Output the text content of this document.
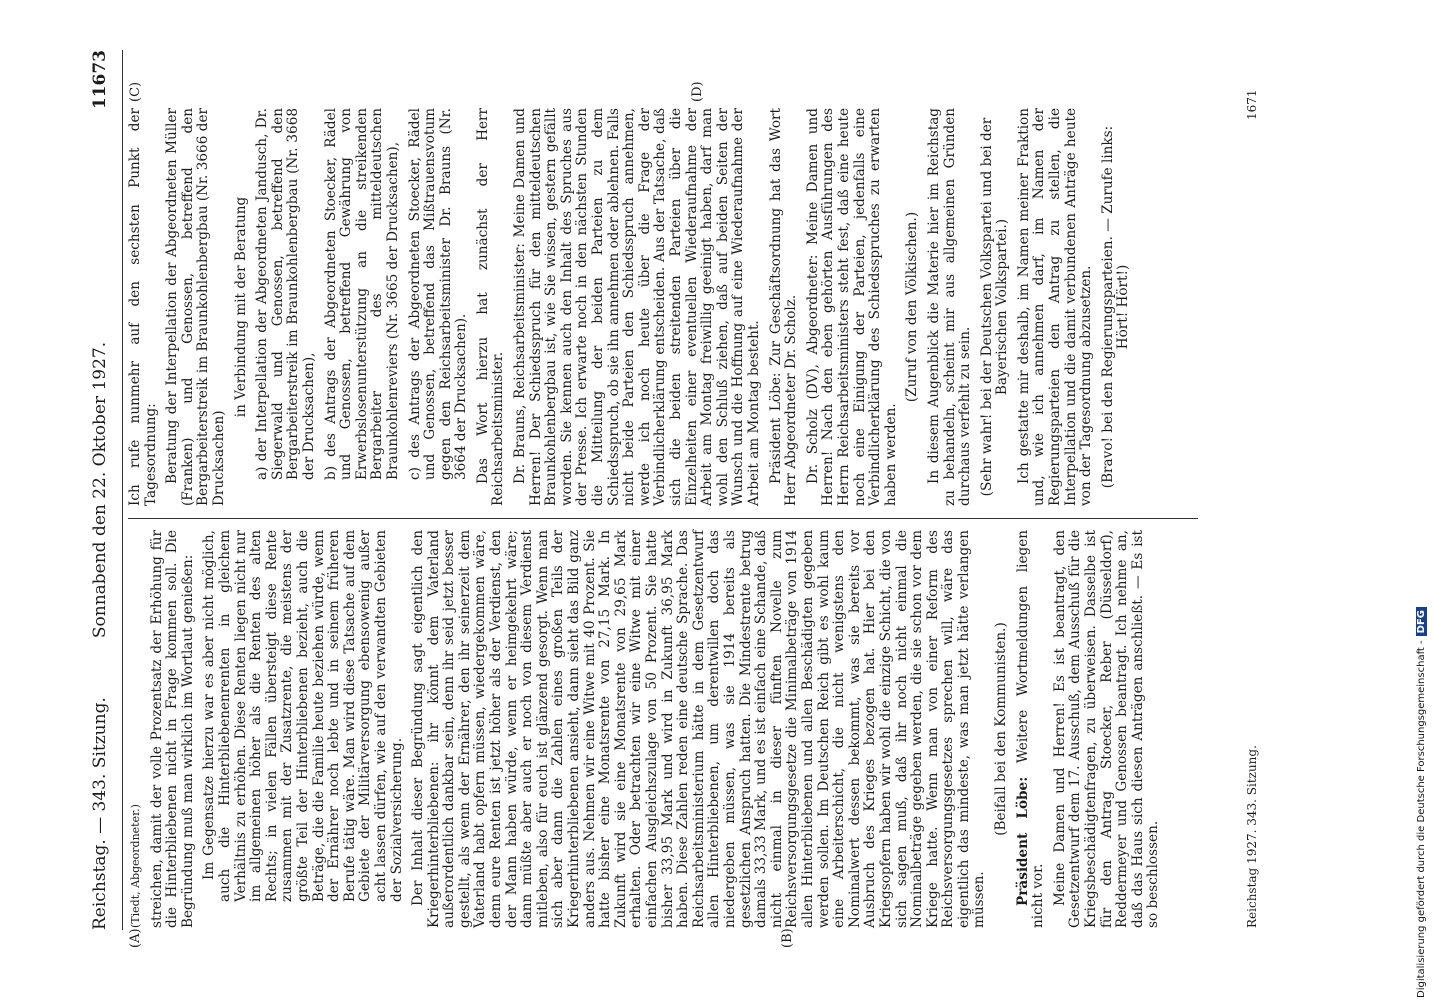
Reichstag. — 343. Sitzung.
Sonnabend den 22. Oktober 1927.
11673
(A)	(B)
(C)	(D)

(Tiedt, Abgeordneter.) streichen, damit der volle Prozentsatz der Erhöhung für die Hinterbliebenen nicht in Frage kommen soll. Die Begründung muß man wirklich im Wortlaut genießen: Im Gegensatze hierzu war es aber nicht möglich, auch die Hinterbliebenenrenten in gleichem Verhältnis zu erhöhen. Diese Renten liegen nicht nur im allgemeinen höher als die Renten des alten Rechts; in vielen Fällen übersteigt diese Rente zusammen mit der Zusatzrente, die meistens der größte Teil der Hinterbliebenen bezieht, auch die Beträge, die die Familie heute beziehen würde, wenn der Ernährer noch lebte und in seinem früheren Berufe tätig wäre. Man wird diese Tatsache auf dem Gebiete der Militärversorgung ebensowenig außer acht lassen dürfen, wie auf den verwandten Gebieten der Sozialversicherung. Der Inhalt dieser Begründung sagt eigentlich den Kriegerhinterbliebenen: ihr könnt dem Vaterland außerordentlich dankbar sein, denn ihr seid jetzt besser gestellt, als wenn der Ernährer, den ihr seinerzeit dem Vaterland habt opfern müssen, wiedergekommen wäre, denn eure Renten ist jetzt höher als der Verdienst, den der Mann haben würde, wenn er heimgekehrt wäre; dann müßte aber auch er noch von diesem Verdienst mitleben, also für euch ist glänzend gesorgt. Wenn man sich aber dann die Zahlen eines großen Teils der Kriegerhinterbliebenen ansieht, dann sieht das Bild ganz anders aus. Nehmen wir eine Witwe mit 40 Prozent. Sie hatte bisher eine Monatsrente von 27,15 Mark. In Zukunft wird sie eine Monatsrente von 29,65 Mark erhalten. Oder betrachten wir eine Witwe mit einer einfachen Ausgleichszulage von 50 Prozent. Sie hatte bisher 33,95 Mark und wird in Zukunft 36,95 Mark haben. Diese Zahlen reden eine deutsche Sprache. Das Reichsarbeitsministerium hätte in dem Gesetzentwurf allen Hinterbliebenen, um derentwillen doch das niedergeben müssen, was sie 1914 bereits als gesetzlichen Anspruch hatten. Die Mindestrente betrug damals 33,33 Mark, und es ist einfach eine Schande, daß nicht einmal in dieser fünften Novelle zum Reichsversorgungsgesetze die Minimalbeträge von 1914 allen Hinterbliebenen und allen Beschädigten gegeben werden sollen. Im Deutschen Reich gibt es wohl kaum eine Arbeiterschicht, die nicht wenigstens den Nominalwert dessen bekommt, was sie bereits vor Ausbruch des Krieges bezogen hat. Hier bei den Kriegsopfern haben wir wohl die einzige Schicht, die von sich sagen muß, daß ihr noch nicht einmal die Nominalbeträge gegeben werden, die sie schon vor dem Kriege hatte. Wenn man von einer Reform des Reichsversorgungsgesetzes sprechen will, wäre das eigentlich das mindeste, was man jetzt hätte verlangen müssen.

(Beifall bei den Kommunisten.)

Präsident Löbe: Weitere Wortmeldungen liegen nicht vor. Meine Damen und Herren! Es ist beantragt, den Gesetzentwurf dem 17. Ausschuß, dem Ausschuß für die Kriegsbeschädigtenfragen, zu überweisen. Dasselbe ist für den Antrag Stoecker, Reber (Düsseldorf), Reddermeyer und Genossen beantragt. Ich nehme an, daß das Haus sich diesen Anträgen anschließt. — Es ist so beschlossen.

Ich rufe nunmehr auf den sechsten Punkt der Tagesordnung: Beratung der Interpellation der Abgeordneten Müller (Franken) und Genossen, betreffend den Bergarbeiterstreik im Braunkohlenbergbau (Nr. 3666 der Drucksachen)

in Verbindung mit der Beratung a) der Interpellation der Abgeordneten Jandusch, Dr. Siegerwald und Genossen, betreffend den Bergarbeiterstreik im Braunkohlenbergbau (Nr. 3668 der Drucksachen), b) des Antrags der Abgeordneten Stoecker, Rädel und Genossen, betreffend Gewährung von Erwerbslosenunterstützung an die streikenden Bergarbeiter des mitteldeutschen Braunkohlenreviers (Nr. 3665 der Drucksachen), c) des Antrags der Abgeordneten Stoecker, Rädel und Genossen, betreffend das Mißtrauensvotum gegen den Reichsarbeitsminister Dr. Brauns (Nr. 3664 der Drucksachen). Das Wort hierzu hat zunächst der Herr Reichsarbeitsminister. Dr. Brauns, Reichsarbeitsminister: Meine Damen und Herren! Der Schiedsspruch für den mitteldeutschen Braunkohlenbergbau ist, wie Sie wissen, gestern gefällt worden. Sie kennen auch den Inhalt des Spruches aus der Presse. Ich erwarte noch in den nächsten Stunden die Mitteilung der beiden Parteien zu dem Schiedsspruch, ob sie ihn annehmen oder ablehnen. Falls nicht beide Parteien den Schiedsspruch annehmen, werde ich noch heute über die Frage der Verbindlicherklärung entscheiden. Aus der Tatsache, daß sich die beiden streitenden Parteien über die Einzelheiten einer eventuellen Wiederaufnahme der Arbeit am Montag freiwillig geeinigt haben, darf man wohl den Schluß ziehen, daß auf beiden Seiten der Wunsch und die Hoffnung auf eine Wiederaufnahme der Arbeit am Montag besteht. Präsident Löbe: Zur Geschäftsordnung hat das Wort Herr Abgeordneter Dr. Scholz. Dr. Scholz (DV), Abgeordneter: Meine Damen und Herren! Nach den eben gehörten Ausführungen des Herrn Reichsarbeitsministers steht fest, daß eine heute noch eine Einigung der Parteien, jedenfalls eine Verbindlicherklärung des Schiedsspruches zu erwarten haben werden.

(Zuruf von den Völkischen.) In diesem Augenblick die Materie hier im Reichstag zu behandeln, scheint mir aus allgemeinen Gründen durchaus verfehlt zu sein. (Sehr wahr! bei der Deutschen Volkspartei und bei der Bayerischen Volkspartei.) Ich gestatte mir deshalb, im Namen meiner Fraktion und, wie ich annehmen darf, im Namen der Regierungsparteien den Antrag zu stellen, die Interpellation und die damit verbundenen Anträge heute von der Tagesordnung abzusetzen. (Bravo! bei den Regierungsparteien. — Zurufe links: Hört! Hört!)

Reichstag 1927. 343. Sitzung.
1671
Digitalisierung gefördert durch die Deutsche Forschungsgemeinschaft -DFG
